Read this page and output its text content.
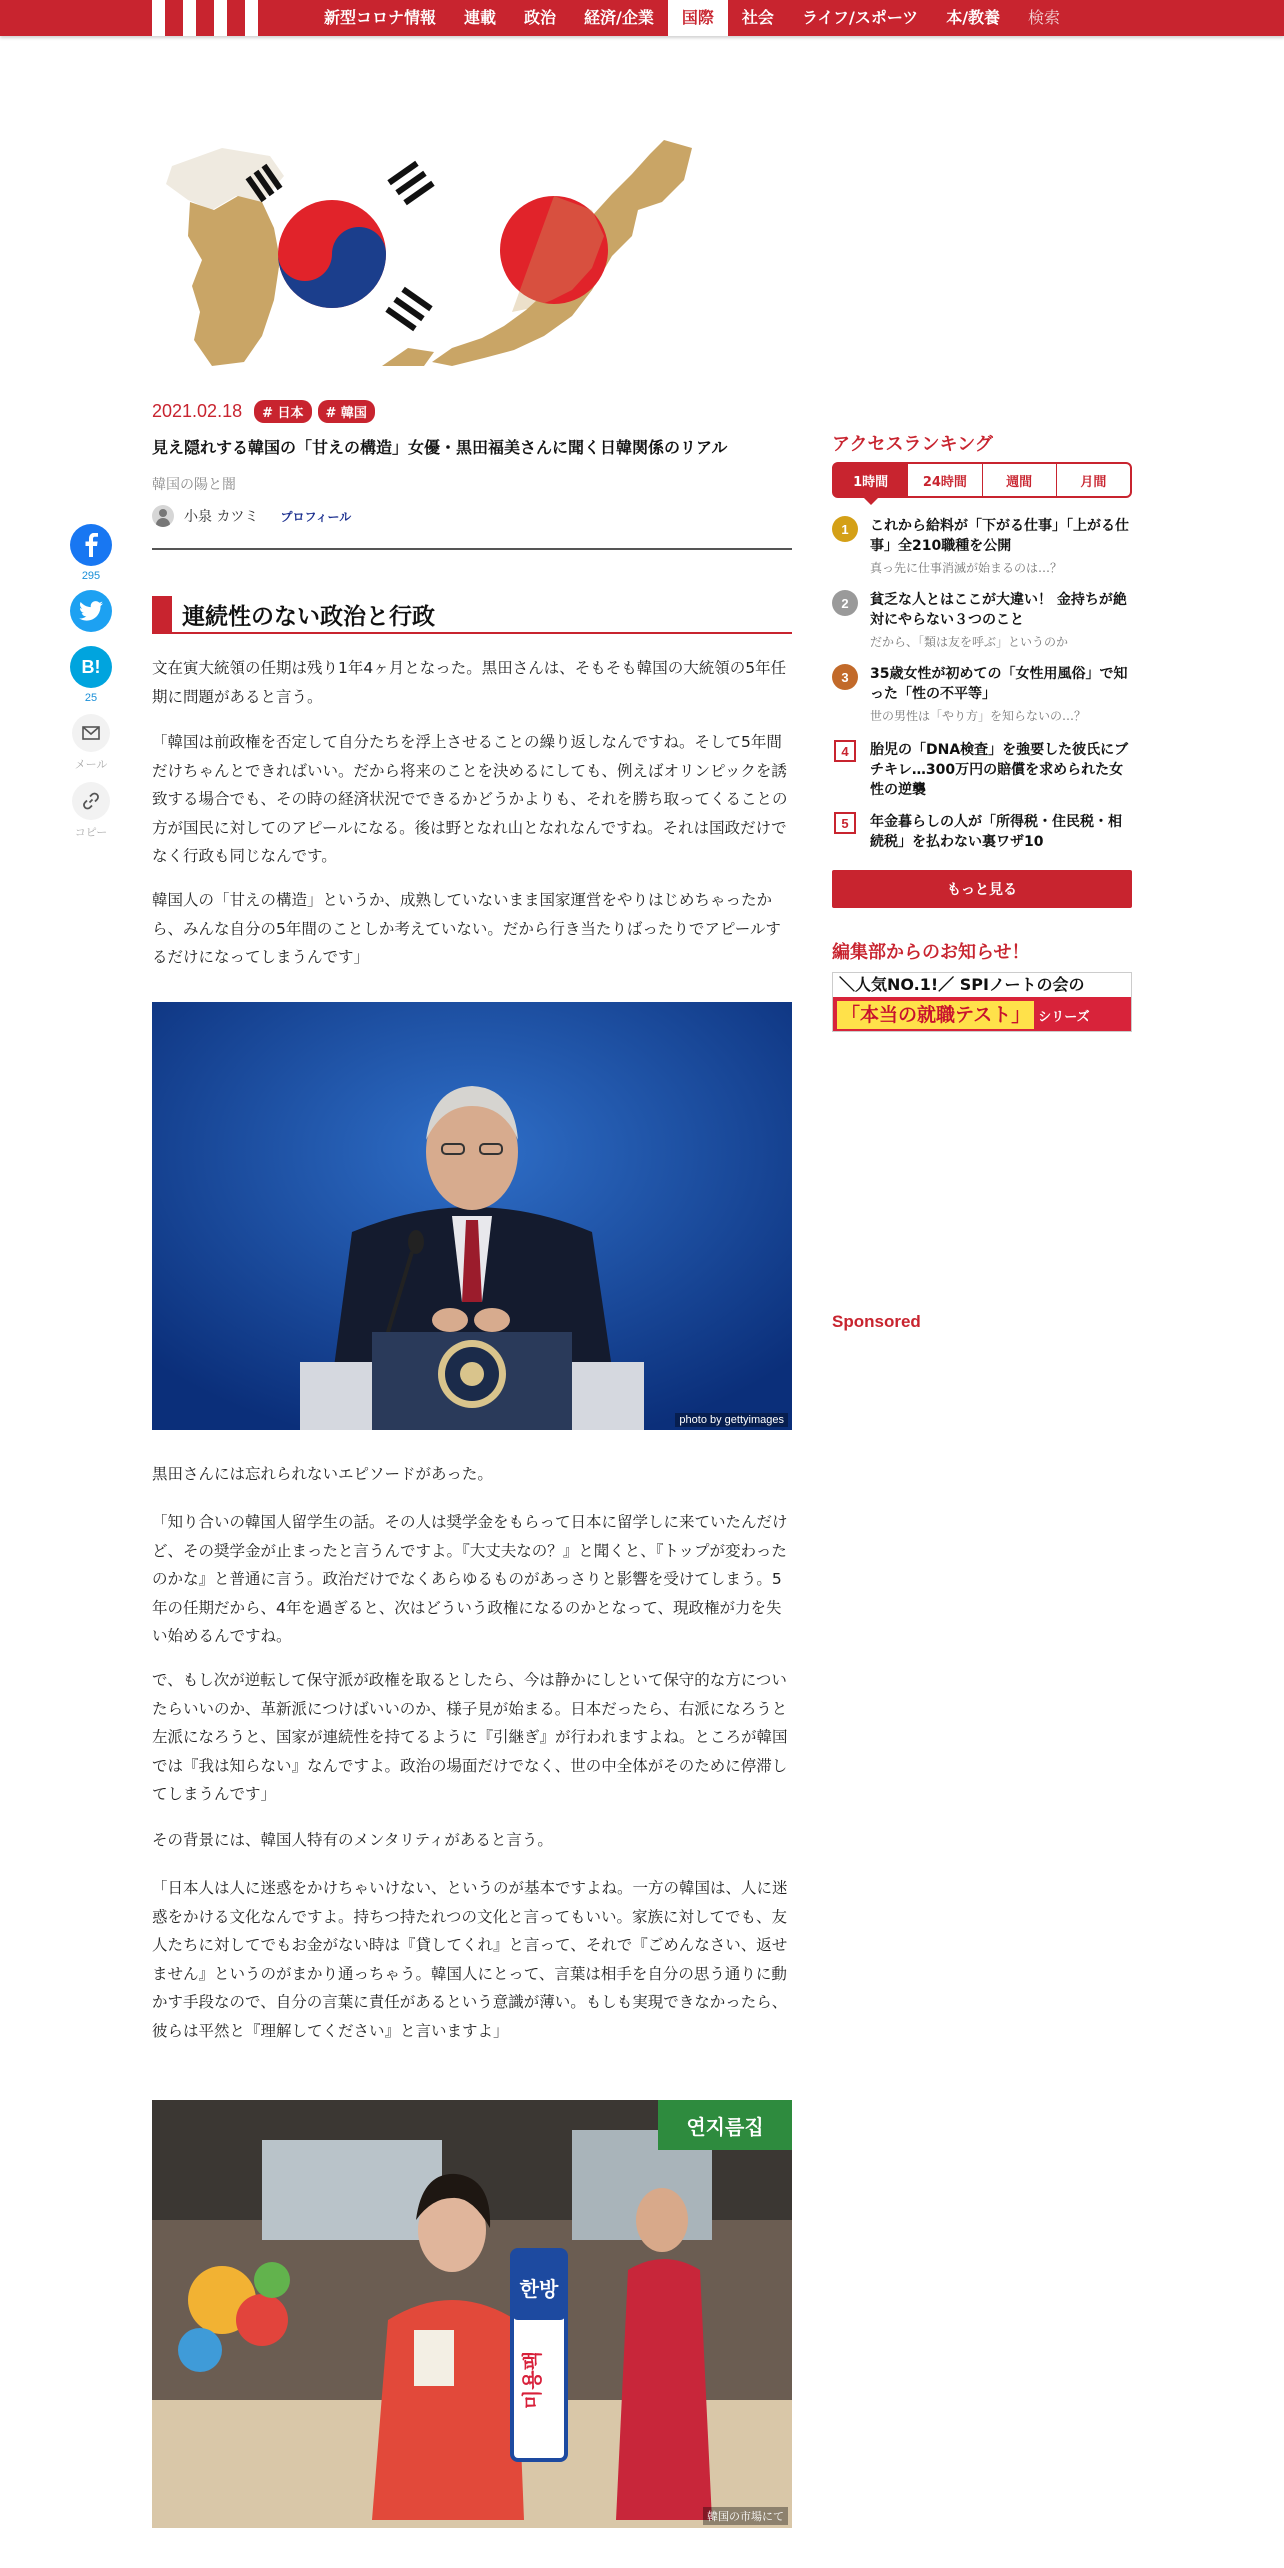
新型コロナ情報	連載	政治	経済/企業	国際	社会	ライフ/スポーツ	本/教養	検索
295
B!
25
メール
コピー
2021.02.18	# 日本	# 韓国
見え隠れする韓国の「甘えの構造」女優・黒田福美さんに聞く日韓関係のリアル
韓国の陽と闇
小泉 カツミ プロフィール
連続性のない政治と行政

文在寅大統領の任期は残り1年4ヶ月となった。黒田さんは、そもそも韓国の大統領の5年任期に問題があると言う。

「韓国は前政権を否定して自分たちを浮上させることの繰り返しなんですね。そして5年間だけちゃんとできればいい。だから将来のことを決めるにしても、例えばオリンピックを誘致する場合でも、その時の経済状況でできるかどうかよりも、それを勝ち取ってくることの方が国民に対してのアピールになる。後は野となれ山となれなんですね。それは国政だけでなく行政も同じなんです。

韓国人の「甘えの構造」というか、成熟していないまま国家運営をやりはじめちゃったから、みんな自分の5年間のことしか考えていない。だから行き当たりばったりでアピールするだけになってしまうんです」

photo by gettyimages

黒田さんには忘れられないエピソードがあった。

「知り合いの韓国人留学生の話。その人は奨学金をもらって日本に留学しに来ていたんだけど、その奨学金が止まったと言うんですよ。『大丈夫なの？』と聞くと、『トップが変わったのかな』と普通に言う。政治だけでなくあらゆるものがあっさりと影響を受けてしまう。5年の任期だから、4年を過ぎると、次はどういう政権になるのかとなって、現政権が力を失い始めるんですね。

で、もし次が逆転して保守派が政権を取るとしたら、今は静かにしといて保守的な方についたらいいのか、革新派につけばいいのか、様子見が始まる。日本だったら、右派になろうと左派になろうと、国家が連続性を持てるように『引継ぎ』が行われますよね。ところが韓国では『我は知らない』なんですよ。政治の場面だけでなく、世の中全体がそのために停滞してしまうんです」

その背景には、韓国人特有のメンタリティがあると言う。

「日本人は人に迷惑をかけちゃいけない、というのが基本ですよね。一方の韓国は、人に迷惑をかける文化なんですよ。持ちつ持たれつの文化と言ってもいい。家族に対してでも、友人たちに対してでもお金がない時は『貸してくれ』と言って、それで『ごめんなさい、返せません』というのがまかり通っちゃう。韓国人にとって、言葉は相手を自分の思う通りに動かす手段なので、自分の言葉に責任があるという意識が薄い。もしも実現できなかったら、彼らは平然と『理解してください』と言いますよ」

한방
미용팩
연지름집
韓国の市場にて
アクセスランキング
1時間	24時間	週間	月間
1	これから給料が「下がる仕事」「上がる仕事」全210職種を公開
真っ先に仕事消滅が始まるのは…？
2	貧乏な人とはここが大違い！ 金持ちが絶対にやらない３つのこと
だから、「類は友を呼ぶ」というのか
3	35歳女性が初めての「女性用風俗」で知った「性の不平等」
世の男性は「やり方」を知らないの…？
4	胎児の「DNA検査」を強要した彼氏にブチキレ…300万円の賠償を求められた女性の逆襲
5	年金暮らしの人が「所得税・住民税・相続税」を払わない裏ワザ10
もっと見る
編集部からのお知らせ！
＼人気NO.1!／ SPIノートの会の
「本当の就職テスト」 シリーズ
Sponsored
